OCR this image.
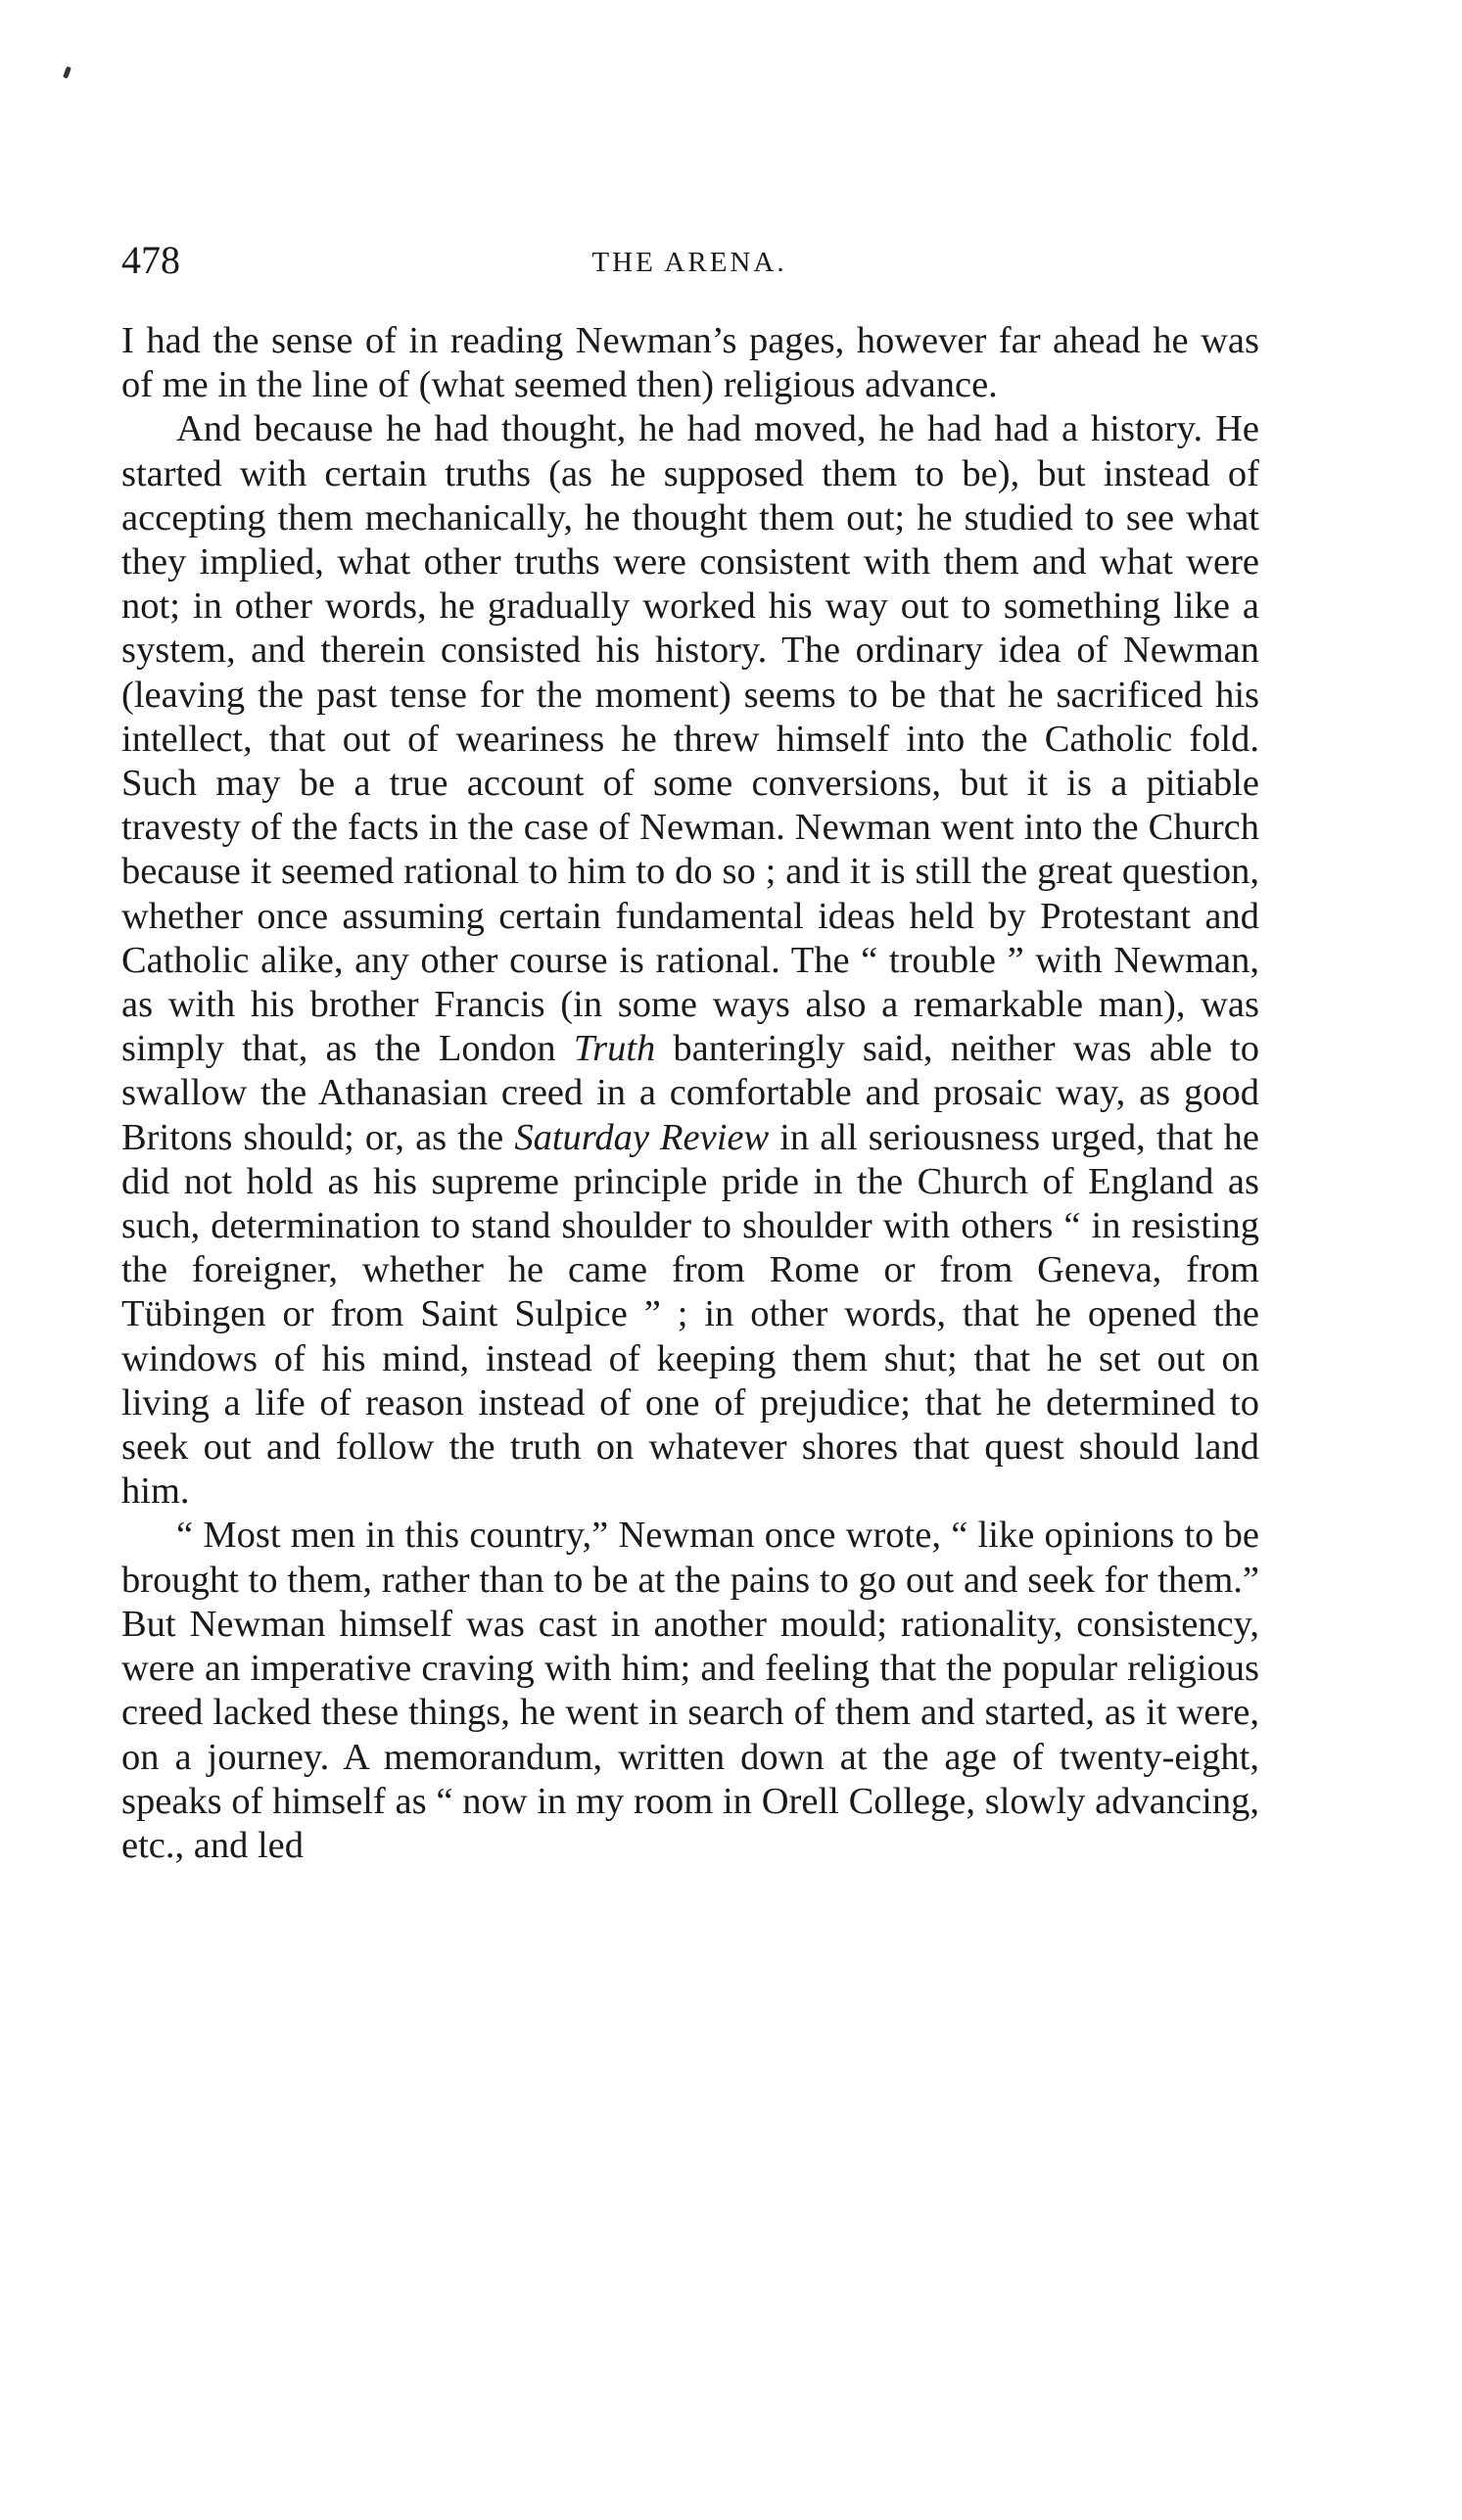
478	THE ARENA.

I had the sense of in reading Newman’s pages, however far ahead he was of me in the line of (what seemed then) religious advance.

And because he had thought, he had moved, he had had a history. He started with certain truths (as he supposed them to be), but instead of accepting them mechanically, he thought them out; he studied to see what they implied, what other truths were consistent with them and what were not; in other words, he gradually worked his way out to something like a system, and therein consisted his history. The ordinary idea of Newman (leaving the past tense for the moment) seems to be that he sacrificed his intellect, that out of weariness he threw himself into the Catholic fold. Such may be a true account of some conversions, but it is a pitiable travesty of the facts in the case of Newman. Newman went into the Church because it seemed rational to him to do so ; and it is still the great question, whether once assuming certain fundamental ideas held by Protestant and Catholic alike, any other course is rational. The “ trouble ” with Newman, as with his brother Francis (in some ways also a remarkable man), was simply that, as the London Truth banteringly said, neither was able to swallow the Athanasian creed in a comfortable and prosaic way, as good Britons should; or, as the Saturday Review in all seriousness urged, that he did not hold as his supreme principle pride in the Church of England as such, determination to stand shoulder to shoulder with others “ in resisting the foreigner, whether he came from Rome or from Geneva, from Tübingen or from Saint Sulpice ” ; in other words, that he opened the windows of his mind, instead of keeping them shut; that he set out on living a life of reason instead of one of prejudice; that he determined to seek out and follow the truth on whatever shores that quest should land him.

“ Most men in this country,” Newman once wrote, “ like opinions to be brought to them, rather than to be at the pains to go out and seek for them.” But Newman himself was cast in another mould; rationality, consistency, were an imperative craving with him; and feeling that the popular religious creed lacked these things, he went in search of them and started, as it were, on a journey. A memorandum, written down at the age of twenty-eight, speaks of himself as “ now in my room in Orell College, slowly advancing, etc., and led
